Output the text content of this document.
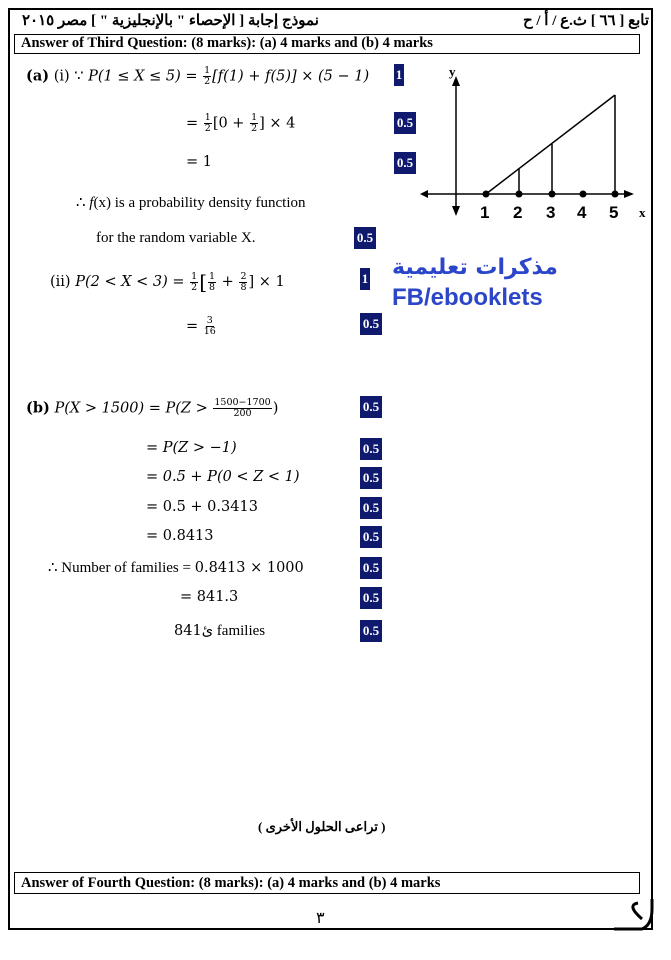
تابع [ ٦٦ ] ث.ع / أ / ح
نموذج إجابة [ الإحصاء " بالإنجليزية " ] مصر ٢٠١٥
Answer of Third Question: (8 marks): (a) 4 marks and (b) 4 marks
(a) (i) ∵ $P(1 \le X \le 5) = \frac{1}{2} [f(1) + f(5)] \times (5 - 1)$
= $\frac{1}{2} [0 + \frac{1}{2}$ ] × 4
= 1
∴ f(x) is a probability density function
for the random variable X.
(ii) $P(2 < X < 3) = \frac{1}{2}$ [ $\frac{1}{8} + \frac{2}{8}$ ] × 1
= $\frac{3}{16}$
(b) $P(X > 1500) = P(Z > \frac{1500-1700}{200}$ )
= P(Z > −1)
= 0.5 + P(0 < Z < 1)
= 0.5 + 0.3413
= 0.8413
∴ Number of families = 0.8413 × 1000
= 841.3
841ئ families
1
0.5
0.5
0.5
1
0.5
0.5
0.5
0.5
0.5
0.5
0.5
0.5
0.5
y
x
1 2 3 4 5
مذكرات تعليمية
FB/ebooklets
( تراعى الحلول الأخرى )
Answer of Fourth Question: (8 marks): (a) 4 marks and (b) 4 marks
٣
